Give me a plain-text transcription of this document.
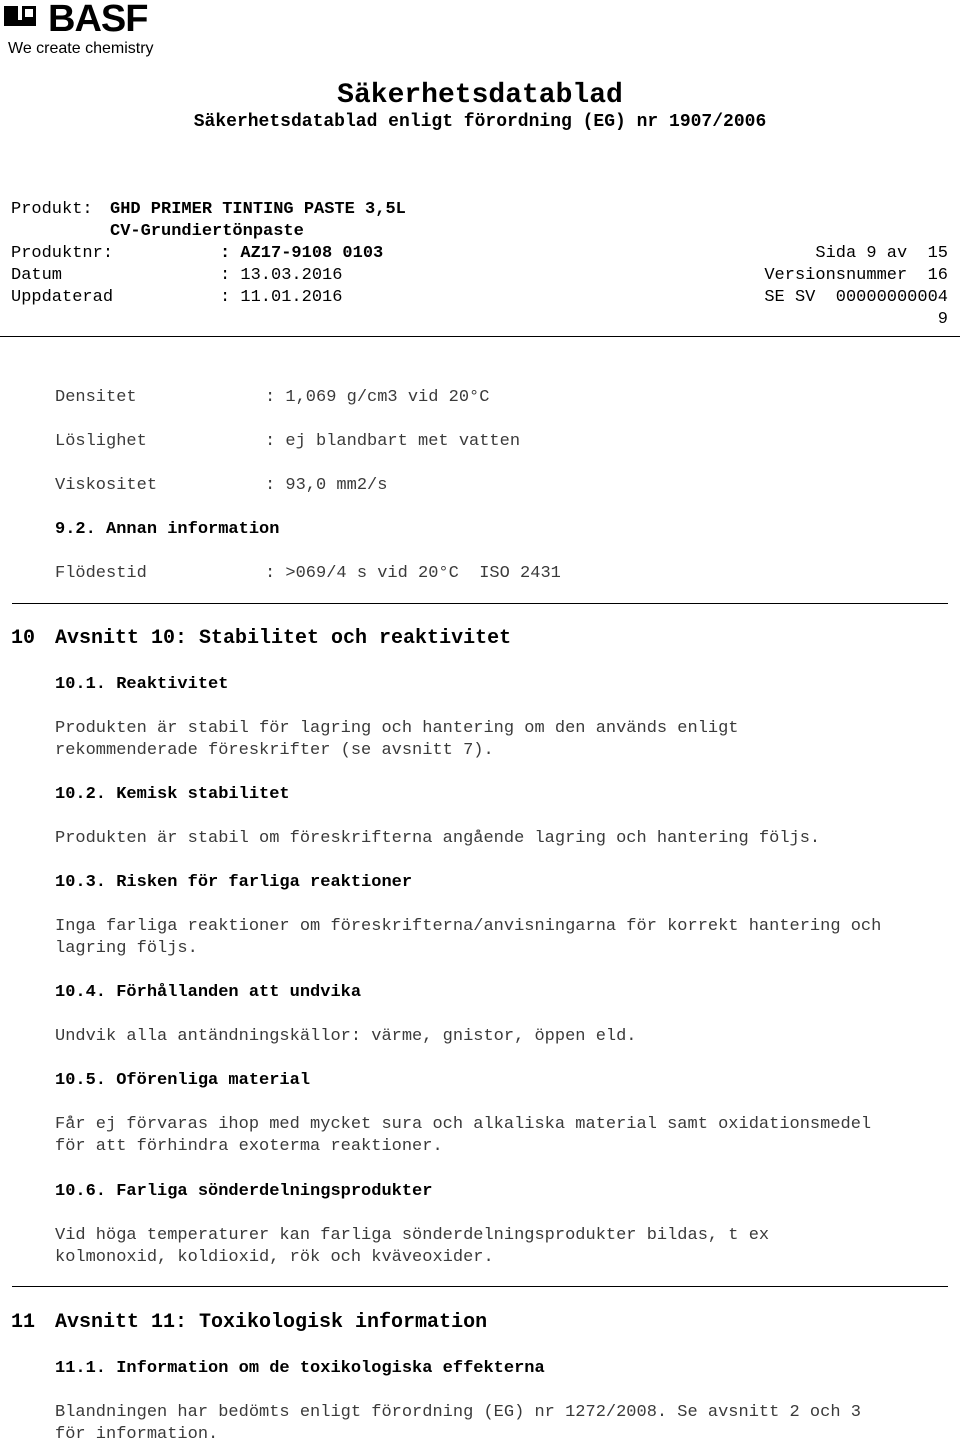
BASF
We create chemistry
Säkerhetsdatablad
Säkerhetsdatablad enligt förordning (EG) nr 1907/2006
Produkt: GHD PRIMER TINTING PASTE 3,5L
CV-Grundiertönpaste
Produktnr:	: AZ17-9108 0103	Sida 9 av  15
Datum	: 13.03.2016	Versionsnummer  16
Uppdaterad	: 11.01.2016	SE SV  00000000004
9
Densitet	: 1,069 g/cm3 vid 20°C
Löslighet	: ej blandbart met vatten
Viskositet	: 93,0 mm2/s
9.2. Annan information
Flödestid	: >069/4 s vid 20°C  ISO 2431
10 Avsnitt 10: Stabilitet och reaktivitet
10.1. Reaktivitet
Produkten är stabil för lagring och hantering om den används enligt
rekommenderade föreskrifter (se avsnitt 7).
10.2. Kemisk stabilitet
Produkten är stabil om föreskrifterna angående lagring och hantering följs.
10.3. Risken för farliga reaktioner
Inga farliga reaktioner om föreskrifterna/anvisningarna för korrekt hantering och
lagring följs.
10.4. Förhållanden att undvika
Undvik alla antändningskällor: värme, gnistor, öppen eld.
10.5. Oförenliga material
Får ej förvaras ihop med mycket sura och alkaliska material samt oxidationsmedel
för att förhindra exoterma reaktioner.
10.6. Farliga sönderdelningsprodukter
Vid höga temperaturer kan farliga sönderdelningsprodukter bildas, t ex
kolmonoxid, koldioxid, rök och kväveoxider.
11 Avsnitt 11: Toxikologisk information
11.1. Information om de toxikologiska effekterna
Blandningen har bedömts enligt förordning (EG) nr 1272/2008. Se avsnitt 2 och 3
för information.
